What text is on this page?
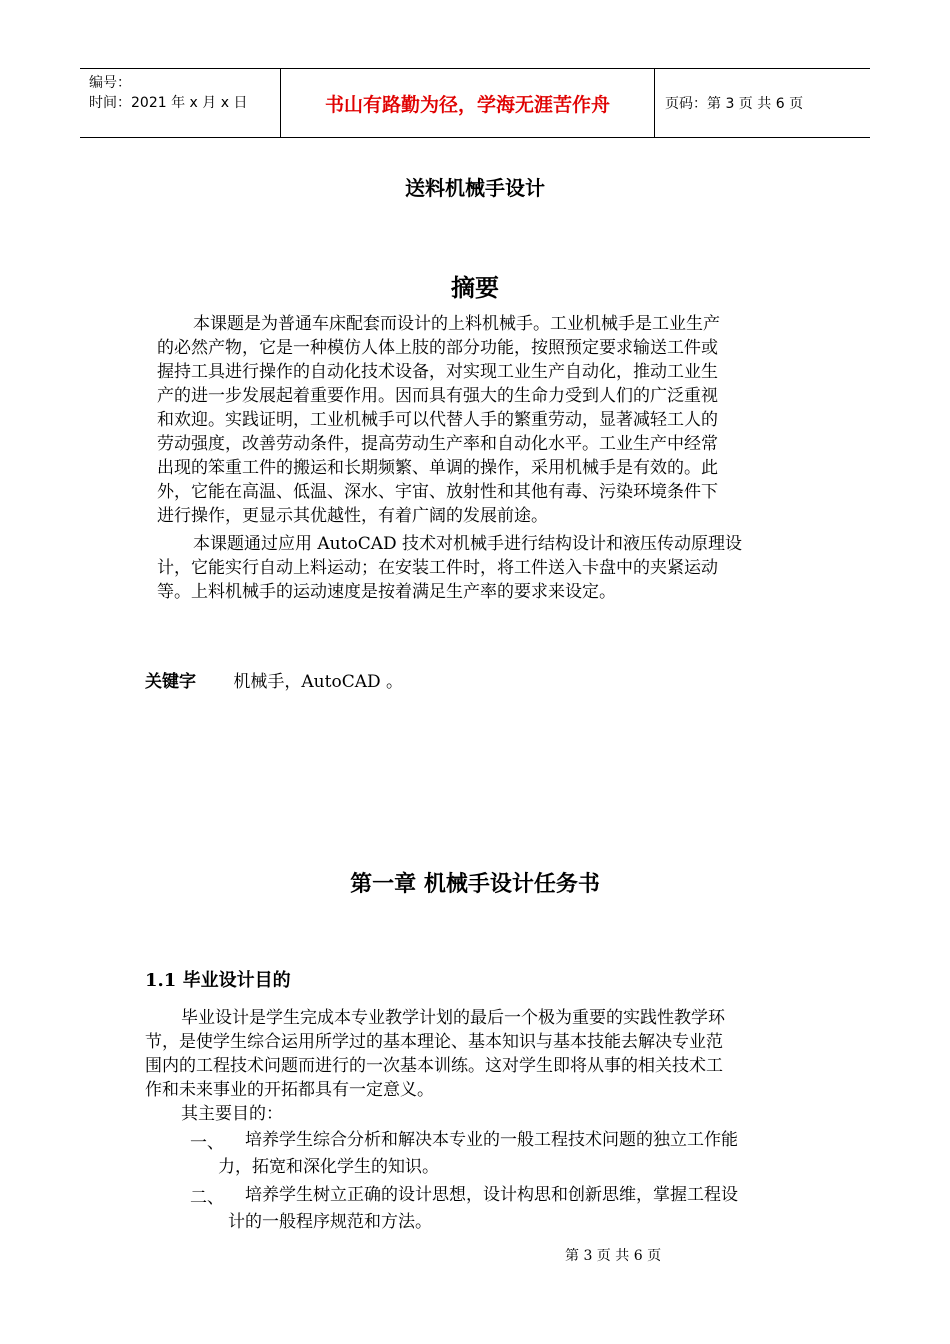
编号：
时间：2021 年 x 月 x 日	书山有路勤为径，学海无涯苦作舟	页码：第 3 页 共 6 页
送料机械手设计
摘要
本课题是为普通车床配套而设计的上料机械手。工业机械手是工业生产
的必然产物，它是一种模仿人体上肢的部分功能，按照预定要求输送工件或
握持工具进行操作的自动化技术设备，对实现工业生产自动化，推动工业生
产的进一步发展起着重要作用。因而具有强大的生命力受到人们的广泛重视
和欢迎。实践证明，工业机械手可以代替人手的繁重劳动，显著减轻工人的
劳动强度，改善劳动条件，提高劳动生产率和自动化水平。工业生产中经常
出现的笨重工件的搬运和长期频繁、单调的操作，采用机械手是有效的。此
外，它能在高温、低温、深水、宇宙、放射性和其他有毒、污染环境条件下
进行操作，更显示其优越性，有着广阔的发展前途。
本课题通过应用 AutoCAD 技术对机械手进行结构设计和液压传动原理设
计，它能实行自动上料运动；在安装工件时，将工件送入卡盘中的夹紧运动
等。上料机械手的运动速度是按着满足生产率的要求来设定。
关键字 机械手，AutoCAD 。
第一章 机械手设计任务书
1.1 毕业设计目的
毕业设计是学生完成本专业教学计划的最后一个极为重要的实践性教学环
节，是使学生综合运用所学过的基本理论、基本知识与基本技能去解决专业范
围内的工程技术问题而进行的一次基本训练。这对学生即将从事的相关技术工
作和未来事业的开拓都具有一定意义。
其主要目的：
一、 培养学生综合分析和解决本专业的一般工程技术问题的独立工作能
力，拓宽和深化学生的知识。
二、 培养学生树立正确的设计思想，设计构思和创新思维，掌握工程设
计的一般程序规范和方法。
第 3 页 共 6 页
